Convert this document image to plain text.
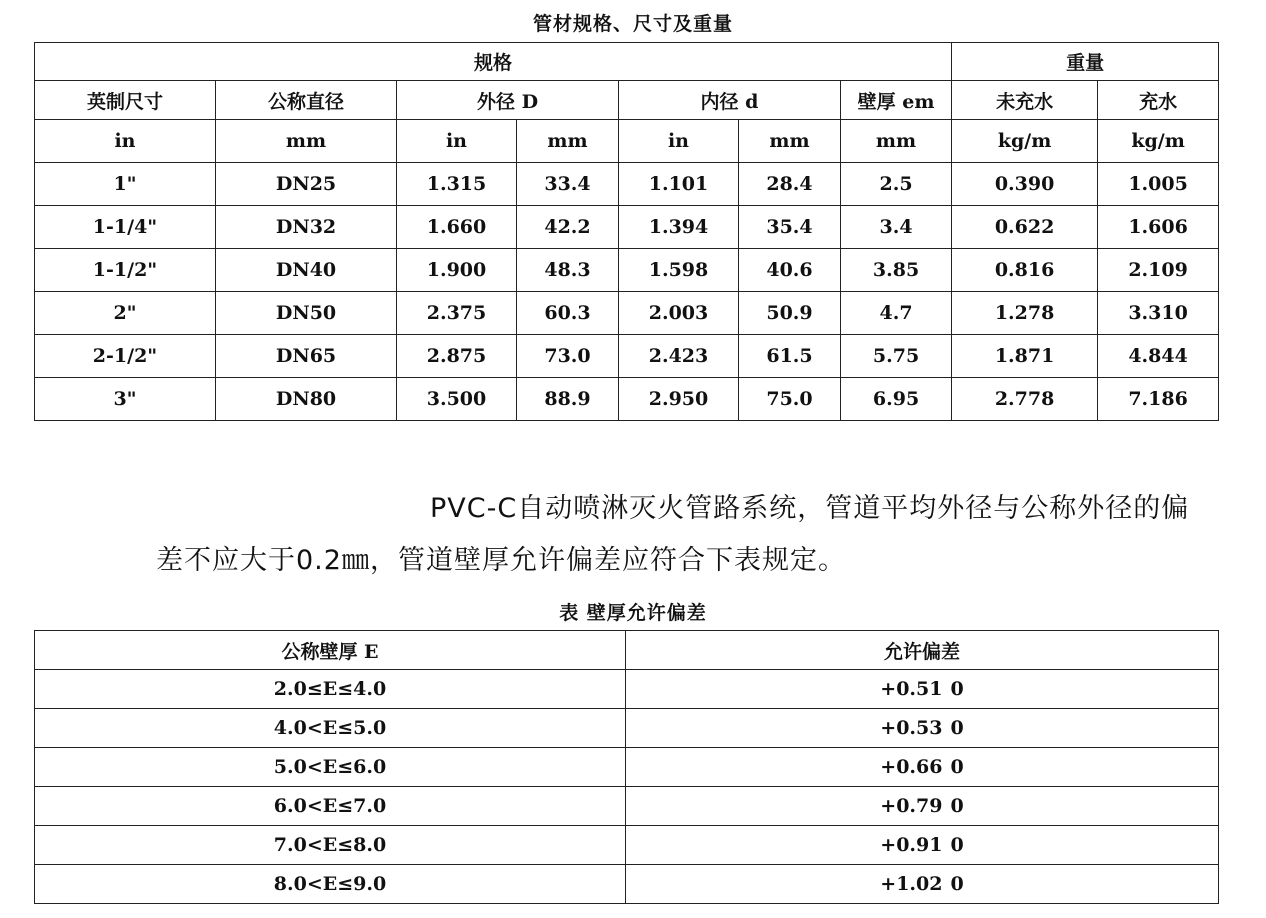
管材规格、尺寸及重量
规格							重量	
英制尺寸	公称直径	外径 D		内径 d		壁厚 em	未充水	充水
in	mm	in	mm	in	mm	mm	kg/m	kg/m
1"	DN25	1.315	33.4	1.101	28.4	2.5	0.390	1.005
1-1/4"	DN32	1.660	42.2	1.394	35.4	3.4	0.622	1.606
1-1/2"	DN40	1.900	48.3	1.598	40.6	3.85	0.816	2.109
2"	DN50	2.375	60.3	2.003	50.9	4.7	1.278	3.310
2-1/2"	DN65	2.875	73.0	2.423	61.5	5.75	1.871	4.844
3"	DN80	3.500	88.9	2.950	75.0	6.95	2.778	7.186
PVC-C自动喷淋灭火管路系统，管道平均外径与公称外径的偏
差不应大于0.2㎜，管道壁厚允许偏差应符合下表规定。
表 壁厚允许偏差
公称壁厚 E	允许偏差
2.0≤E≤4.0	+0.51 0
4.0<E≤5.0	+0.53 0
5.0<E≤6.0	+0.66 0
6.0<E≤7.0	+0.79 0
7.0<E≤8.0	+0.91 0
8.0<E≤9.0	+1.02 0
